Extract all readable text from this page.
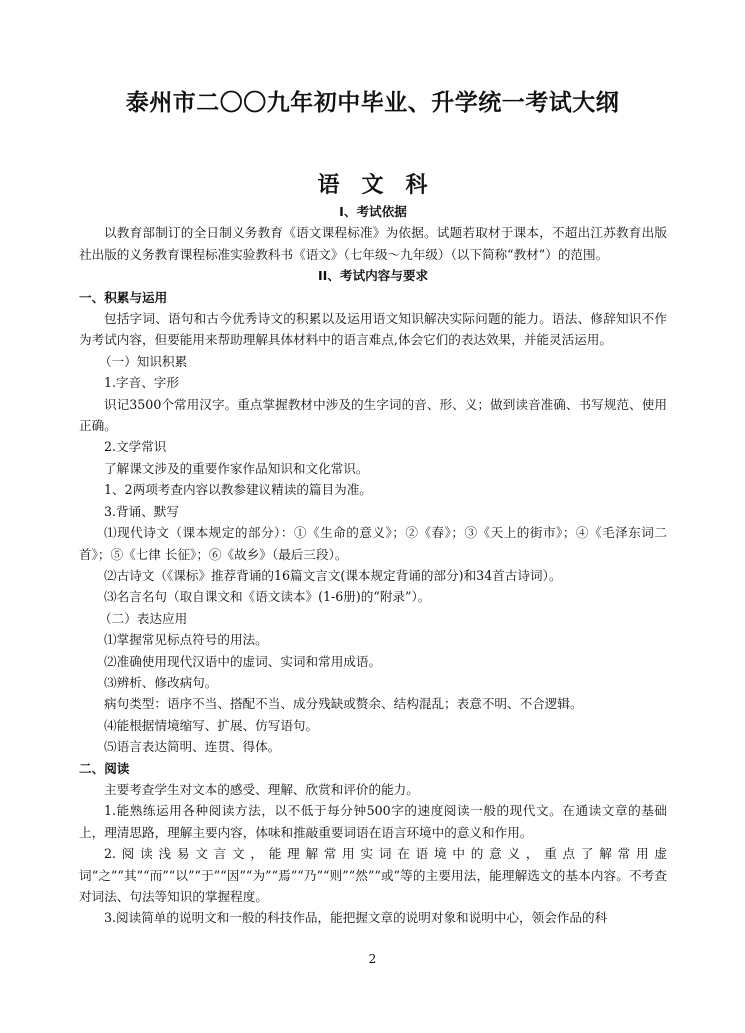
泰州市二〇〇九年初中毕业、升学统一考试大纲
语文科

I、考试依据

以教育部制订的全日制义务教育《语文课程标准》为依据。试题若取材于课本，不超出江苏教育出版社出版的义务教育课程标准实验教科书《语文》（七年级～九年级）（以下简称“教材”）的范围。

II、考试内容与要求

一、积累与运用

包括字词、语句和古今优秀诗文的积累以及运用语文知识解决实际问题的能力。语法、修辞知识不作为考试内容，但要能用来帮助理解具体材料中的语言难点,体会它们的表达效果，并能灵活运用。

（一）知识积累

1.字音、字形

识记3500个常用汉字。重点掌握教材中涉及的生字词的音、形、义；做到读音准确、书写规范、使用正确。

2.文学常识

了解课文涉及的重要作家作品知识和文化常识。

1、2两项考查内容以教参建议精读的篇目为准。

3.背诵、默写

⑴现代诗文（课本规定的部分）：①《生命的意义》；②《春》；③《天上的街市》；④《毛泽东词二首》；⑤《七律 长征》；⑥《故乡》（最后三段）。

⑵古诗文（《课标》推荐背诵的16篇文言文(课本规定背诵的部分)和34首古诗词）。

⑶名言名句（取自课文和《语文读本》(1-6册)的“附录”）。

（二）表达应用

⑴掌握常见标点符号的用法。

⑵准确使用现代汉语中的虚词、实词和常用成语。

⑶辨析、修改病句。

病句类型：语序不当、搭配不当、成分残缺或赘余、结构混乱；表意不明、不合逻辑。

⑷能根据情境缩写、扩展、仿写语句。

⑸语言表达简明、连贯、得体。

二、阅读

主要考查学生对文本的感受、理解、欣赏和评价的能力。

1.能熟练运用各种阅读方法，以不低于每分钟500字的速度阅读一般的现代文。在通读文章的基础上，理清思路，理解主要内容，体味和推敲重要词语在语言环境中的意义和作用。

2.阅读浅易文言文，能理解常用实词在语境中的意义，重点了解常用虚词“之”“其”“而”“以”“于”“因”“为”“焉”“乃”“则”“然”“或”等的主要用法，能理解选文的基本内容。不考查对词法、句法等知识的掌握程度。

3.阅读简单的说明文和一般的科技作品，能把握文章的说明对象和说明中心，领会作品的科

2
